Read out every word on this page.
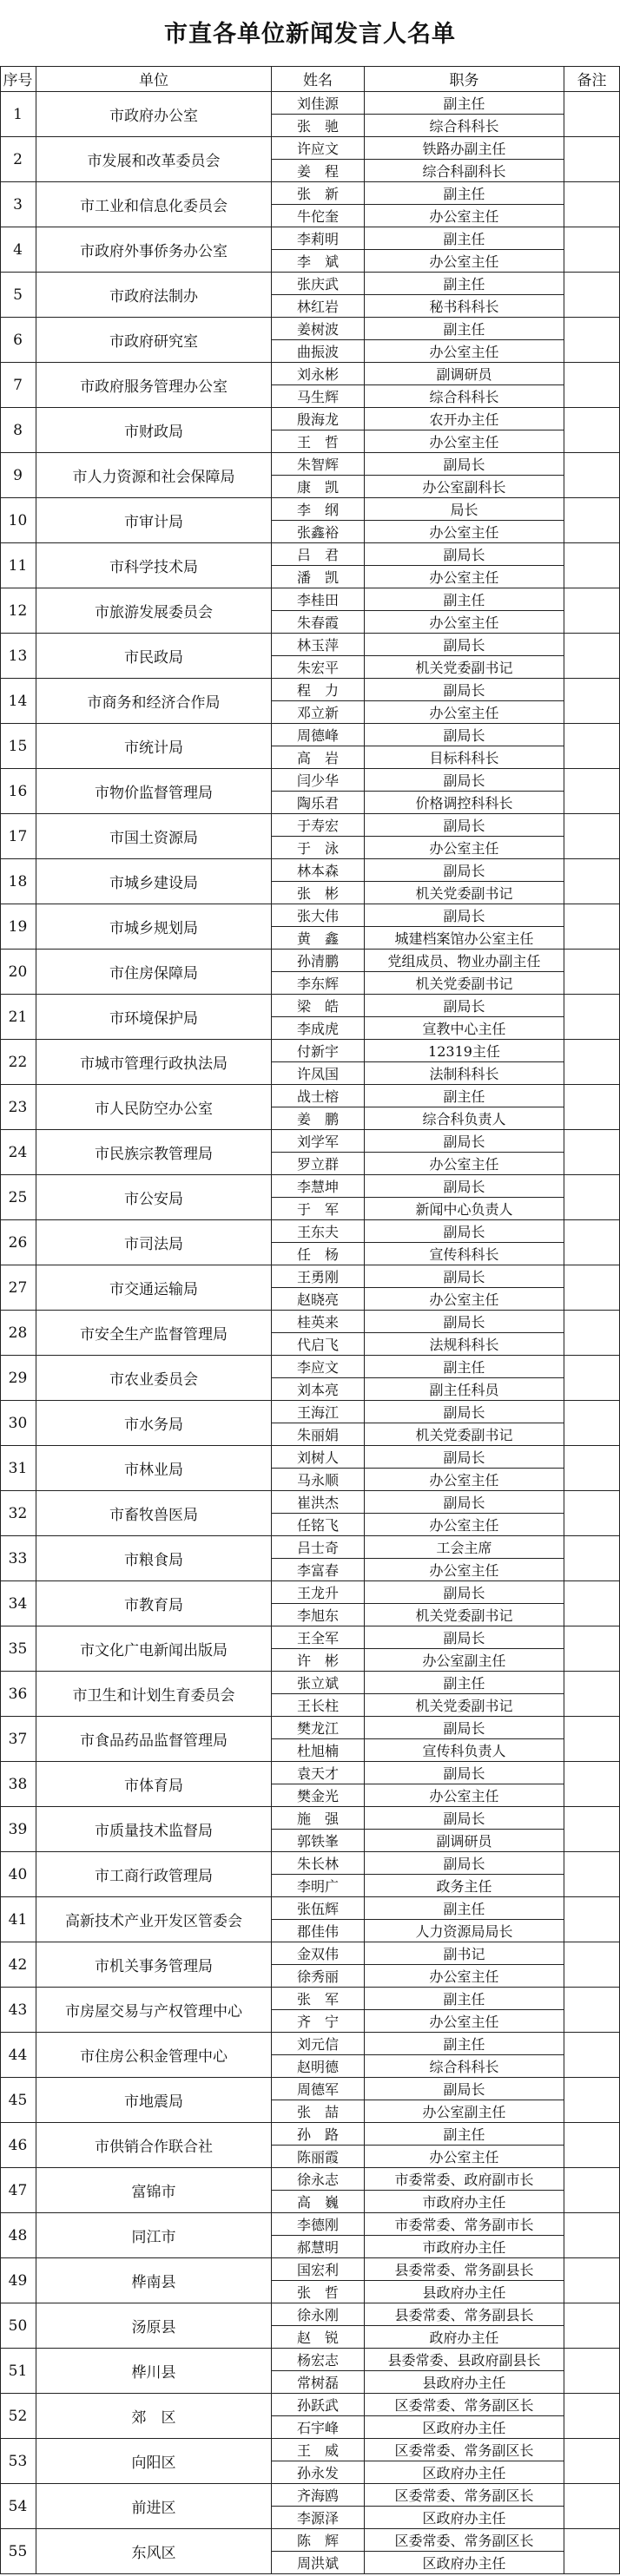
市直各单位新闻发言人名单
序号	单位	姓名	职务	备注
1	市政府办公室
刘佳源	副主任
张　驰	综合科科长
2	市发展和改革委员会
许应文	铁路办副主任
姜　程	综合科副科长
3	市工业和信息化委员会
张　新	副主任
牛佗奎	办公室主任
4	市政府外事侨务办公室
李莉明	副主任
李　斌	办公室主任
5	市政府法制办
张庆武	副主任
林红岩	秘书科科长
6	市政府研究室
姜树波	副主任
曲振波	办公室主任
7	市政府服务管理办公室
刘永彬	副调研员
马生辉	综合科科长
8	市财政局
殷海龙	农开办主任
王　哲	办公室主任
9	市人力资源和社会保障局
朱智辉	副局长
康　凯	办公室副科长
10	市审计局
李　纲	局长
张鑫裕	办公室主任
11	市科学技术局
吕　君	副局长
潘　凯	办公室主任
12	市旅游发展委员会
李桂田	副主任
朱春霞	办公室主任
13	市民政局
林玉萍	副局长
朱宏平	机关党委副书记
14	市商务和经济合作局
程　力	副局长
邓立新	办公室主任
15	市统计局
周德峰	副局长
高　岩	目标科科长
16	市物价监督管理局
闫少华	副局长
陶乐君	价格调控科科长
17	市国土资源局
于寿宏	副局长
于　泳	办公室主任
18	市城乡建设局
林本森	副局长
张　彬	机关党委副书记
19	市城乡规划局
张大伟	副局长
黄　鑫	城建档案馆办公室主任
20	市住房保障局
孙清鹏	党组成员、物业办副主任
李东辉	机关党委副书记
21	市环境保护局
梁　皓	副局长
李成虎	宣教中心主任
22	市城市管理行政执法局
付新宇	12319主任
许凤国	法制科科长
23	市人民防空办公室
战士榕	副主任
姜　鹏	综合科负责人
24	市民族宗教管理局
刘学军	副局长
罗立群	办公室主任
25	市公安局
李慧坤	副局长
于　军	新闻中心负责人
26	市司法局
王东夫	副局长
任　杨	宣传科科长
27	市交通运输局
王勇刚	副局长
赵晓亮	办公室主任
28	市安全生产监督管理局
桂英来	副局长
代启飞	法规科科长
29	市农业委员会
李应文	副主任
刘本亮	副主任科员
30	市水务局
王海江	副局长
朱丽娟	机关党委副书记
31	市林业局
刘树人	副局长
马永顺	办公室主任
32	市畜牧兽医局
崔洪杰	副局长
任铭飞	办公室主任
33	市粮食局
吕士奇	工会主席
李富春	办公室主任
34	市教育局
王龙升	副局长
李旭东	机关党委副书记
35	市文化广电新闻出版局
王全军	副局长
许　彬	办公室副主任
36	市卫生和计划生育委员会
张立斌	副主任
王长柱	机关党委副书记
37	市食品药品监督管理局
樊龙江	副局长
杜旭楠	宣传科负责人
38	市体育局
袁天才	副局长
樊金光	办公室主任
39	市质量技术监督局
施　强	副局长
郭铁峯	副调研员
40	市工商行政管理局
朱长林	副局长
李明广	政务主任
41	高新技术产业开发区管委会
张伍辉	副主任
郡佳伟	人力资源局局长
42	市机关事务管理局
金双伟	副书记
徐秀丽	办公室主任
43	市房屋交易与产权管理中心
张　军	副主任
齐　宁	办公室主任
44	市住房公积金管理中心
刘元信	副主任
赵明德	综合科科长
45	市地震局
周德军	副局长
张　喆	办公室副主任
46	市供销合作联合社
孙　路	副主任
陈丽霞	办公室主任
47	富锦市
徐永志	市委常委、政府副市长
高　巍	市政府办主任
48	同江市
李德刚	市委常委、常务副市长
郝慧明	市政府办主任
49	桦南县
国宏利	县委常委、常务副县长
张　哲	县政府办主任
50	汤原县
徐永刚	县委常委、常务副县长
赵　锐	政府办主任
51	桦川县
杨宏志	县委常委、县政府副县长
常树磊	县政府办主任
52	郊　区
孙跃武	区委常委、常务副区长
石宇峰	区政府办主任
53	向阳区
王　威	区委常委、常务副区长
孙永发	区政府办主任
54	前进区
齐海鸥	区委常委、常务副区长
李源泽	区政府办主任
55	东风区
陈　辉	区委常委、常务副区长
周洪斌	区政府办主任
